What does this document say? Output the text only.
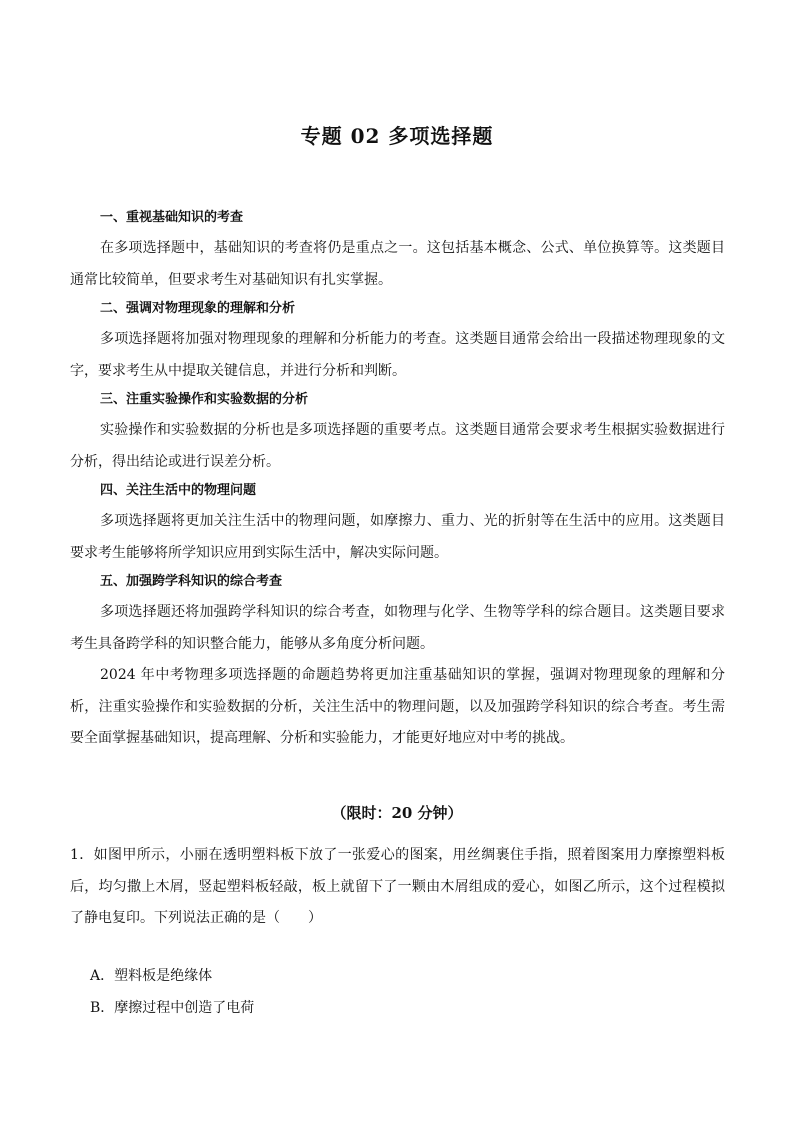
专题 02 多项选择题
一、重视基础知识的考查

在多项选择题中，基础知识的考查将仍是重点之一。这包括基本概念、公式、单位换算等。这类题目通常比较简单，但要求考生对基础知识有扎实掌握。

二、强调对物理现象的理解和分析

多项选择题将加强对物理现象的理解和分析能力的考查。这类题目通常会给出一段描述物理现象的文字，要求考生从中提取关键信息，并进行分析和判断。

三、注重实验操作和实验数据的分析

实验操作和实验数据的分析也是多项选择题的重要考点。这类题目通常会要求考生根据实验数据进行分析，得出结论或进行误差分析。

四、关注生活中的物理问题

多项选择题将更加关注生活中的物理问题，如摩擦力、重力、光的折射等在生活中的应用。这类题目要求考生能够将所学知识应用到实际生活中，解决实际问题。

五、加强跨学科知识的综合考查

多项选择题还将加强跨学科知识的综合考查，如物理与化学、生物等学科的综合题目。这类题目要求考生具备跨学科的知识整合能力，能够从多角度分析问题。

2024 年中考物理多项选择题的命题趋势将更加注重基础知识的掌握，强调对物理现象的理解和分析，注重实验操作和实验数据的分析，关注生活中的物理问题，以及加强跨学科知识的综合考查。考生需要全面掌握基础知识，提高理解、分析和实验能力，才能更好地应对中考的挑战。

（限时：20 分钟）

1．如图甲所示，小丽在透明塑料板下放了一张爱心的图案，用丝绸裹住手指，照着图案用力摩擦塑料板后，均匀撒上木屑，竖起塑料板轻敲，板上就留下了一颗由木屑组成的爱心，如图乙所示，这个过程模拟了静电复印。下列说法正确的是（　　）

A．塑料板是绝缘体
B．摩擦过程中创造了电荷
